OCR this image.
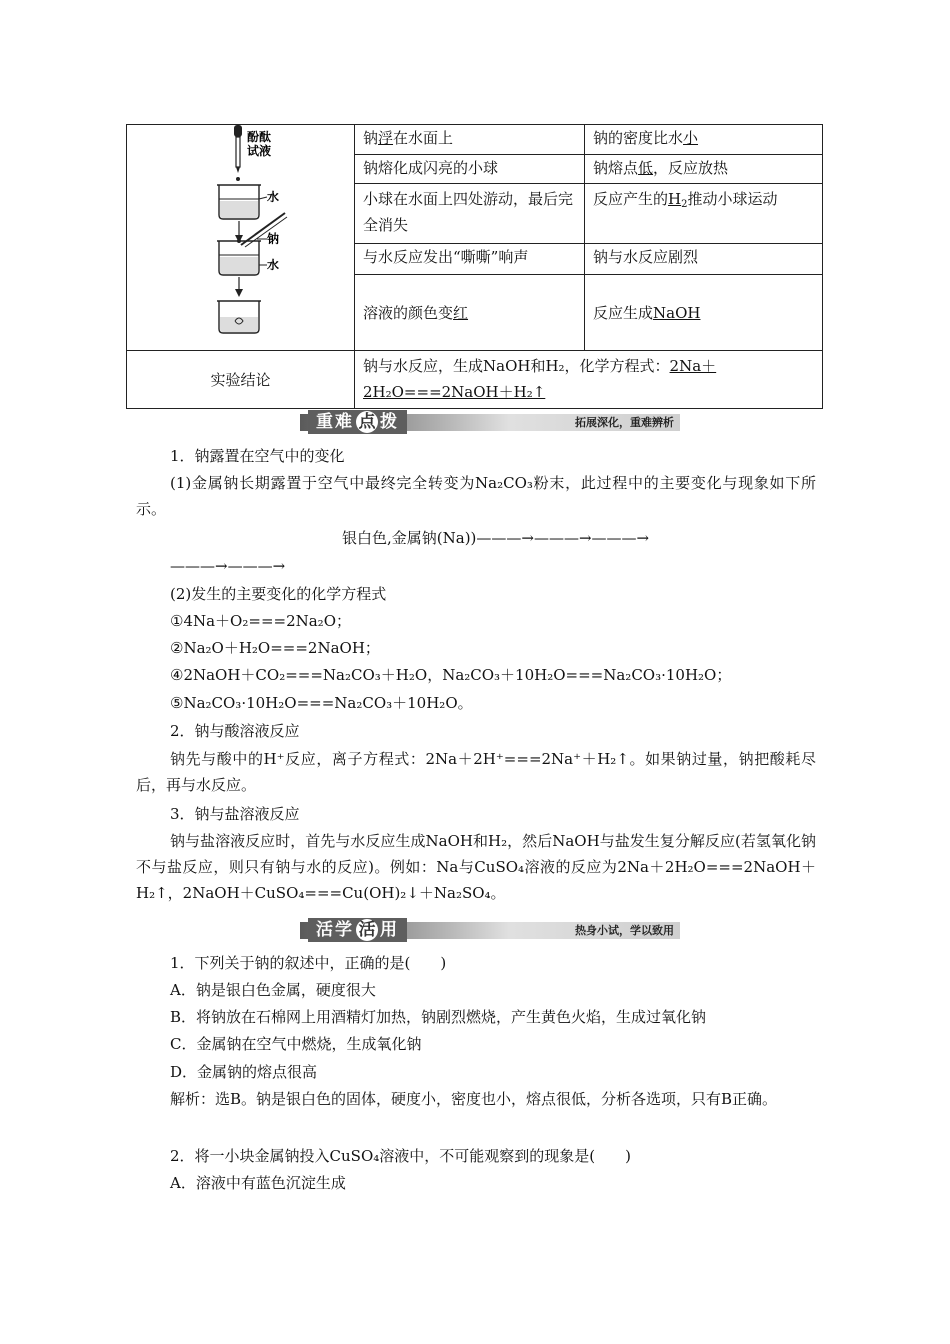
酚酞试液
水
钠
水	钠浮在水面上	钠的密度比水小
	钠熔化成闪亮的小球	钠熔点低，反应放热
	小球在水面上四处游动，最后完全消失	反应产生的$H_2$推动小球运动
	与水反应发出“嘶嘶”响声	钠与水反应剧烈
	溶液的颜色变红	反应生成NaOH
实验结论	钠与水反应，生成NaOH和H₂，化学方程式：2Na＋2H₂O===2NaOH＋H₂↑	
重 难 点 拨	拓展深化，重难辨析
1．钠露置在空气中的变化
(1)金属钠长期露置于空气中最终完全转变为Na₂CO₃粉末，此过程中的主要变化与现象如下所示。
银白色,金属钠(Na))———→———→———→
———→———→
(2)发生的主要变化的化学方程式
①4Na＋O₂===2Na₂O；
②Na₂O＋H₂O===2NaOH；
④2NaOH＋CO₂===Na₂CO₃＋H₂O，Na₂CO₃＋10H₂O===Na₂CO₃·10H₂O；
⑤Na₂CO₃·10H₂O===Na₂CO₃＋10H₂O。
2．钠与酸溶液反应
钠先与酸中的H⁺反应，离子方程式：2Na＋2H⁺===2Na⁺＋H₂↑。如果钠过量，钠把酸耗尽后，再与水反应。
3．钠与盐溶液反应
钠与盐溶液反应时，首先与水反应生成NaOH和H₂，然后NaOH与盐发生复分解反应(若氢氧化钠不与盐反应，则只有钠与水的反应)。例如：Na与CuSO₄溶液的反应为2Na＋2H₂O===2NaOH＋H₂↑，2NaOH＋CuSO₄===Cu(OH)₂↓＋Na₂SO₄。
活 学 活 用	热身小试，学以致用
1．下列关于钠的叙述中，正确的是(　　)
A．钠是银白色金属，硬度很大
B．将钠放在石棉网上用酒精灯加热，钠剧烈燃烧，产生黄色火焰，生成过氧化钠
C．金属钠在空气中燃烧，生成氧化钠
D．金属钠的熔点很高
解析：选B。钠是银白色的固体，硬度小，密度也小，熔点很低，分析各选项，只有B正确。
2．将一小块金属钠投入CuSO₄溶液中，不可能观察到的现象是(　　)
A．溶液中有蓝色沉淀生成
